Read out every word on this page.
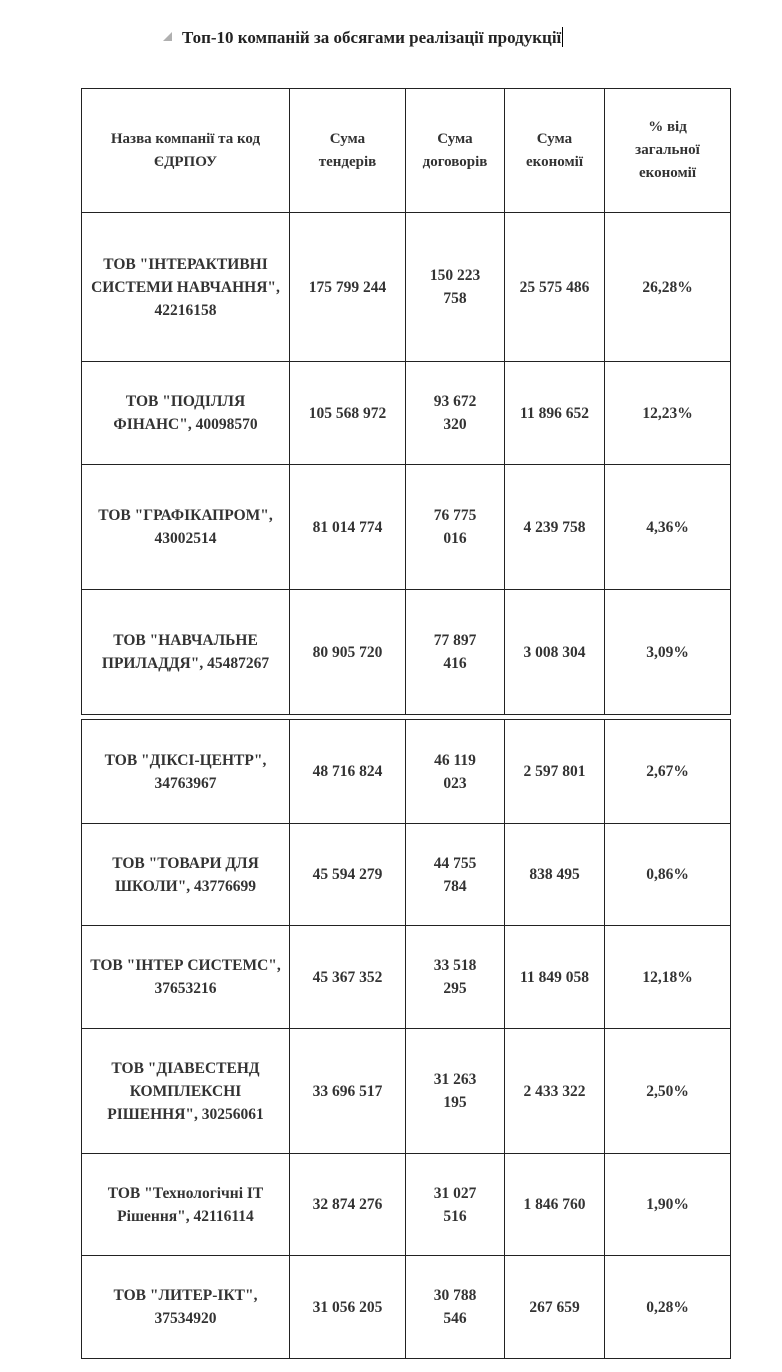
Топ-10 компаній за обсягами реалізації продукції
Назва компанії та код ЄДРПОУ	Сума тендерів	Сума договорів	Сума економії	% від загальної економії
ТОВ "ІНТЕРАКТИВНІ СИСТЕМИ НАВЧАННЯ", 42216158	175 799 244	150 223 758	25 575 486	26,28%
ТОВ "ПОДІЛЛЯ ФІНАНС", 40098570	105 568 972	93 672 320	11 896 652	12,23%
ТОВ "ГРАФІКАПРОМ", 43002514	81 014 774	76 775 016	4 239 758	4,36%
ТОВ "НАВЧАЛЬНЕ ПРИЛАДДЯ", 45487267	80 905 720	77 897 416	3 008 304	3,09%
ТОВ "ДІКСІ-ЦЕНТР", 34763967	48 716 824	46 119 023	2 597 801	2,67%
ТОВ "ТОВАРИ ДЛЯ ШКОЛИ", 43776699	45 594 279	44 755 784	838 495	0,86%
ТОВ "ІНТЕР СИСТЕМС", 37653216	45 367 352	33 518 295	11 849 058	12,18%
ТОВ "ДІАВЕСТЕНД КОМПЛЕКСНІ РІШЕННЯ", 30256061	33 696 517	31 263 195	2 433 322	2,50%
ТОВ "Технологічні ІТ Рішення", 42116114	32 874 276	31 027 516	1 846 760	1,90%
ТОВ "ЛИТЕР-ІКТ", 37534920	31 056 205	30 788 546	267 659	0,28%
